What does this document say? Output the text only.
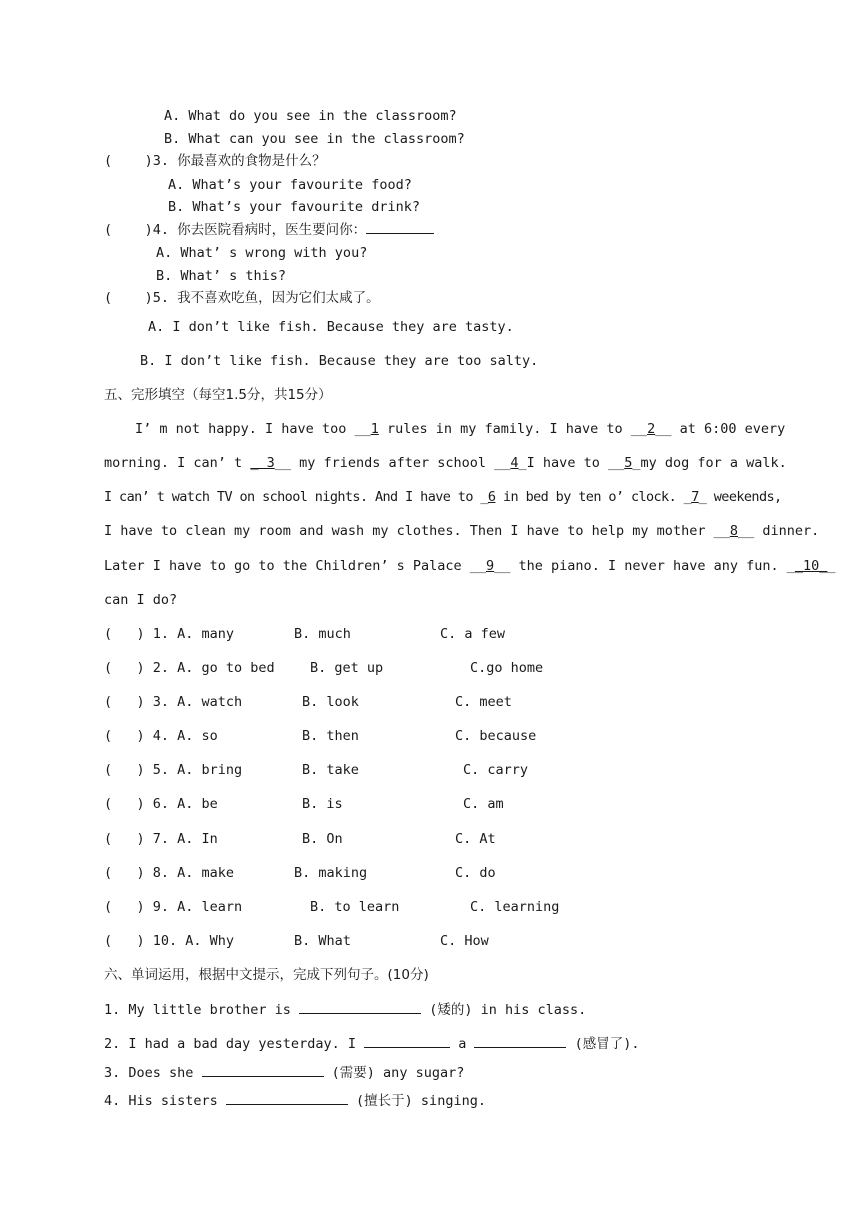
A. What do you see in the classroom?
B. What can you see in the classroom?
(    )3. 你最喜欢的食物是什么？
A. What’s your favourite food?
B. What’s your favourite drink?
(    )4. 你去医院看病时，医生要问你：
A. What’ s wrong with you?
B. What’ s this?
(    )5. 我不喜欢吃鱼，因为它们太咸了。
A. I don’t like fish. Because they are tasty.
B. I don’t like fish. Because they are too salty.
五、完形填空（每空1.5分，共15分）
I’ m not happy. I have too __1 rules in my family. I have to __2__ at 6:00 every
morning. I can’ t _ 3__ my friends after school __4_I have to __5_my dog for a walk.
I can’ t watch TV on school nights. And I have to _6 in bed by ten o’ clock. _7_ weekends,
I have to clean my room and wash my clothes. Then I have to help my mother __8__ dinner.
Later I have to go to the Children’ s Palace __9__ the piano. I never have any fun. __10__
can I do?
(   ) 1. A. many	B. much	C. a few
(   ) 2. A. go to bed	B. get up	C.go home
(   ) 3. A. watch	B. look	C. meet
(   ) 4. A. so	B. then	C. because
(   ) 5. A. bring	B. take	C. carry
(   ) 6. A. be	B. is	C. am
(   ) 7. A. In	B. On	C. At
(   ) 8. A. make	B. making	C. do
(   ) 9. A. learn	B. to learn	C. learning
(   ) 10. A. Why	B. What	C. How
六、单词运用，根据中文提示，完成下列句子。(10分)
1. My little brother is	(矮的) in his class.
2. I had a bad day yesterday. I	a	(感冒了).
3. Does she	(需要) any sugar?
4. His sisters	(擅长于) singing.
